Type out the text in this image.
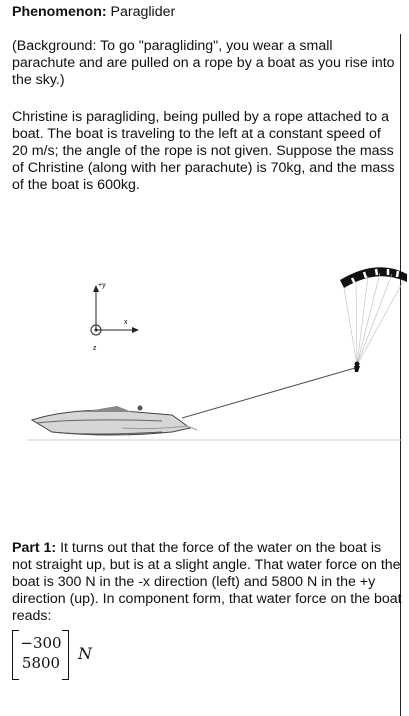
Phenomenon: Paraglider

(Background: To go "paragliding", you wear a small parachute and are pulled on a rope by a boat as you rise into the sky.)

Christine is paragliding, being pulled by a rope attached to a boat. The boat is traveling to the left at a constant speed of 20 m/s; the angle of the rope is not given. Suppose the mass of Christine (along with her parachute) is 70kg, and the mass of the boat is 600kg.

+y
x
z

Part 1: It turns out that the force of the water on the boat is not straight up, but is at a slight angle. That water force on the boat is 300 N in the -x direction (left) and 5800 N in the +y direction (up). In component form, that water force on the boat reads:

−300
5800 N
